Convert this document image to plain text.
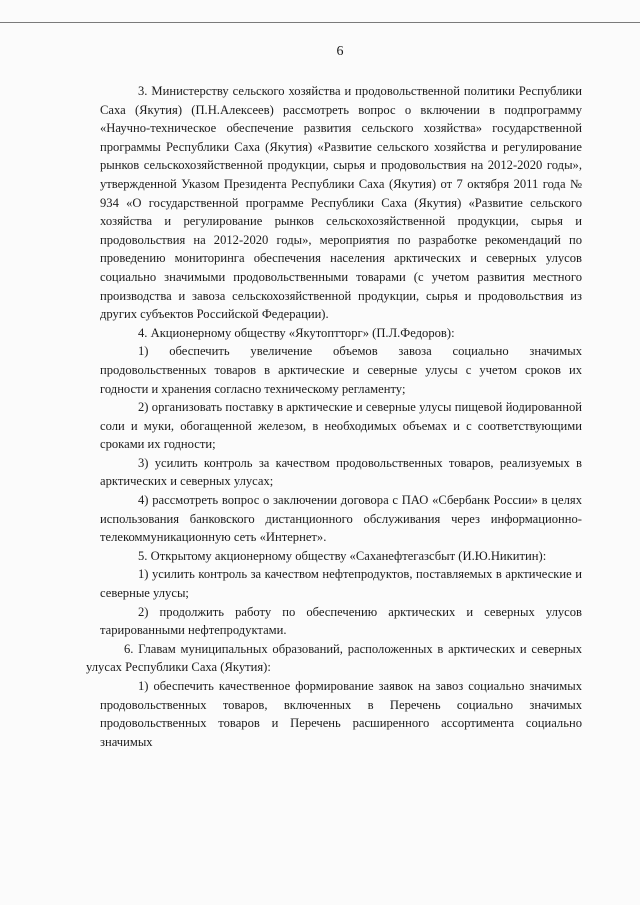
6

3. Министерству сельского хозяйства и продовольственной политики Республики Саха (Якутия) (П.Н.Алексеев) рассмотреть вопрос о включении в подпрограмму «Научно-техническое обеспечение развития сельского хозяйства» государственной программы Республики Саха (Якутия) «Развитие сельского хозяйства и регулирование рынков сельскохозяйственной продукции, сырья и продовольствия на 2012-2020 годы», утвержденной Указом Президента Республики Саха (Якутия) от 7 октября 2011 года № 934 «О государственной программе Республики Саха (Якутия) «Развитие сельского хозяйства и регулирование рынков сельскохозяйственной продукции, сырья и продовольствия на 2012-2020 годы», мероприятия по разработке рекомендаций по проведению мониторинга обеспечения населения арктических и северных улусов социально значимыми продовольственными товарами (с учетом развития местного производства и завоза сельскохозяйственной продукции, сырья и продовольствия из других субъектов Российской Федерации).

4. Акционерному обществу «Якутоптторг» (П.Л.Федоров):

1) обеспечить увеличение объемов завоза социально значимых продовольственных товаров в арктические и северные улусы с учетом сроков их годности и хранения согласно техническому регламенту;

2) организовать поставку в арктические и северные улусы пищевой йодированной соли и муки, обогащенной железом, в необходимых объемах и с соответствующими сроками их годности;

3) усилить контроль за качеством продовольственных товаров, реализуемых в арктических и северных улусах;

4) рассмотреть вопрос о заключении договора с ПАО «Сбербанк России» в целях использования банковского дистанционного обслуживания через информационно-телекоммуникационную сеть «Интернет».

5. Открытому акционерному обществу «Саханефтегазсбыт (И.Ю.Никитин):

1) усилить контроль за качеством нефтепродуктов, поставляемых в арктические и северные улусы;

2) продолжить работу по обеспечению арктических и северных улусов тарированными нефтепродуктами.

6. Главам муниципальных образований, расположенных в арктических и северных улусах Республики Саха (Якутия):

1) обеспечить качественное формирование заявок на завоз социально значимых продовольственных товаров, включенных в Перечень социально значимых продовольственных товаров и Перечень расширенного ассортимента социально значимых
